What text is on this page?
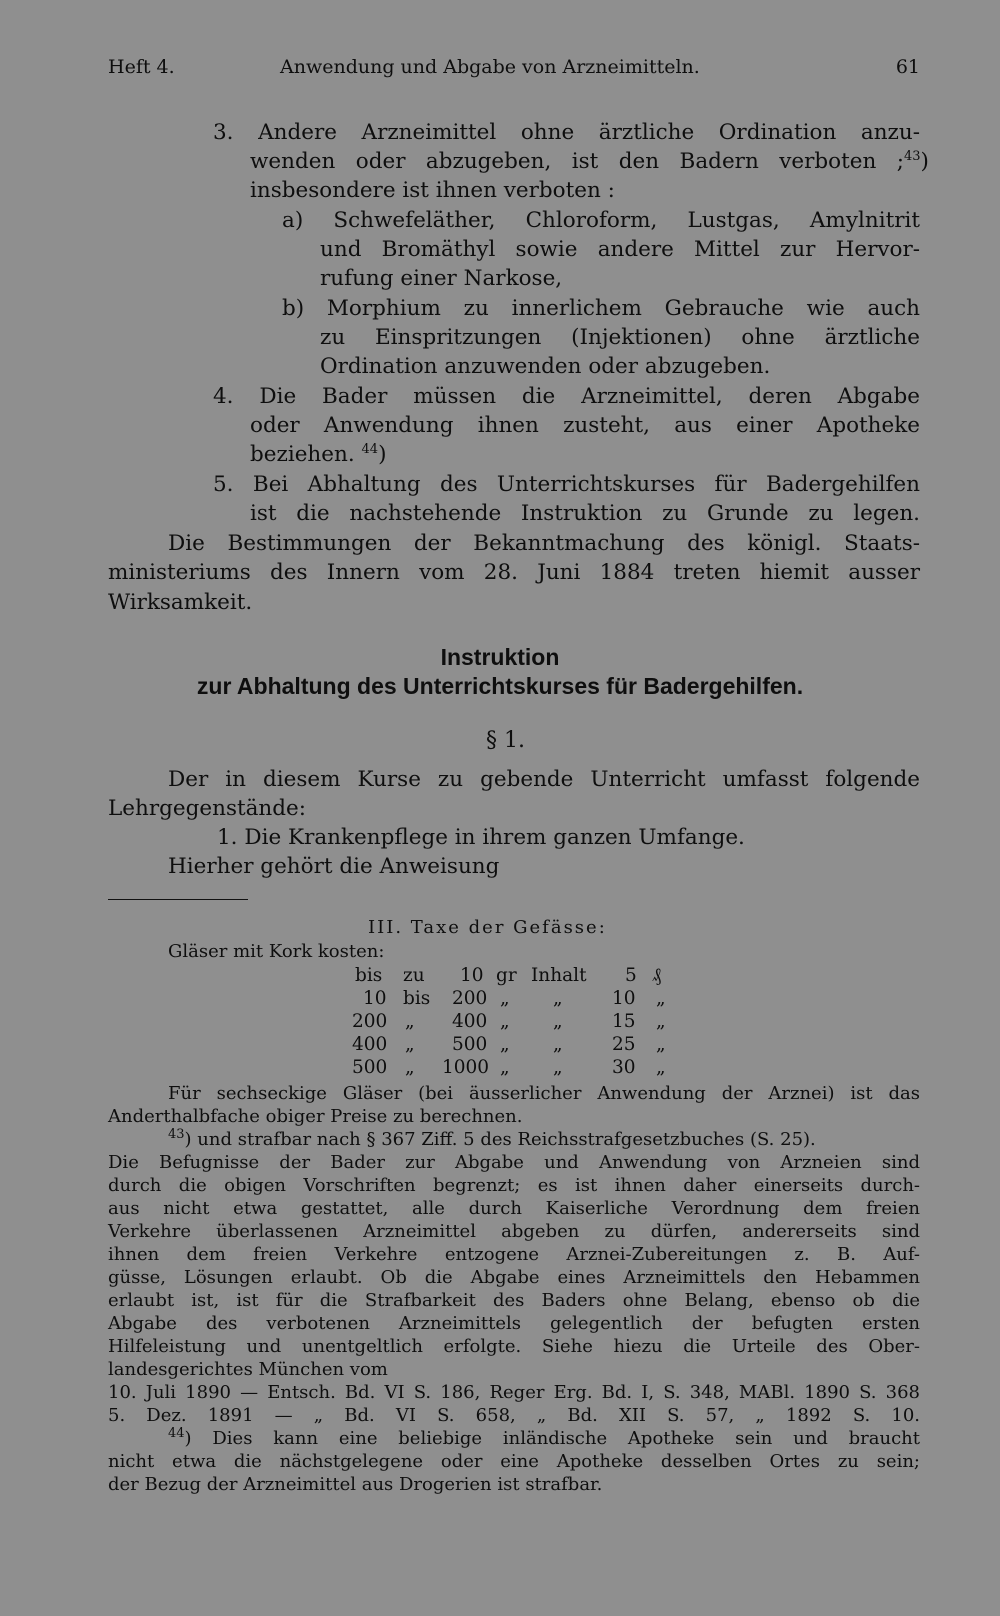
Heft 4.	Anwendung und Abgabe von Arzneimitteln.	61
3. Andere Arzneimittel ohne ärztliche Ordination anzu-
wenden oder abzugeben, ist den Badern verboten ; $^{43}$)
insbesondere ist ihnen verboten :
a) Schwefeläther, Chloroform, Lustgas, Amylnitrit
und Bromäthyl sowie andere Mittel zur Hervor-
rufung einer Narkose,
b) Morphium zu innerlichem Gebrauche wie auch
zu Einspritzungen (Injektionen) ohne ärztliche
Ordination anzuwenden oder abzugeben.
4. Die Bader müssen die Arzneimittel, deren Abgabe
oder Anwendung ihnen zusteht, aus einer Apotheke
beziehen. $^{44}$)
5. Bei Abhaltung des Unterrichtskurses für Badergehilfen
ist die nachstehende Instruktion zu Grunde zu legen.
Die Bestimmungen der Bekanntmachung des königl. Staats-
ministeriums des Innern vom 28. Juni 1884 treten hiemit ausser
Wirksamkeit.
Instruktion
zur Abhaltung des Unterrichtskurses für Badergehilfen.
§ 1.
Der in diesem Kurse zu gebende Unterricht umfasst folgende
Lehrgegenstände:
1. Die Krankenpflege in ihrem ganzen Umfange.
Hierher gehört die Anweisung
III. Taxe der Gefässe:
Gläser mit Kork kosten:
bis zu 10 gr Inhalt 5 ₰
10 bis 200 „ „	10 „
200 „ 400 „ „	15 „
400 „ 500 „ „	25 „
500 „ 1000 „ „	30 „
Für sechseckige Gläser (bei äusserlicher Anwendung der Arznei) ist das
Anderthalbfache obiger Preise zu berechnen.
$^{43}$) und strafbar nach § 367 Ziff. 5 des Reichsstrafgesetzbuches (S. 25).
Die Befugnisse der Bader zur Abgabe und Anwendung von Arzneien sind
durch die obigen Vorschriften begrenzt; es ist ihnen daher einerseits durch-
aus nicht etwa gestattet, alle durch Kaiserliche Verordnung dem freien
Verkehre überlassenen Arzneimittel abgeben zu dürfen, andererseits sind
ihnen dem freien Verkehre entzogene Arznei-Zubereitungen z. B. Auf-
güsse, Lösungen erlaubt. Ob die Abgabe eines Arzneimittels den Hebammen
erlaubt ist, ist für die Strafbarkeit des Baders ohne Belang, ebenso ob die
Abgabe des verbotenen Arzneimittels gelegentlich der befugten ersten
Hilfeleistung und unentgeltlich erfolgte. Siehe hiezu die Urteile des Ober-
landesgerichtes München vom
10. Juli 1890 — Entsch. Bd. VI S. 186, Reger Erg. Bd. I, S. 348, MABl. 1890 S. 368
5. Dez. 1891 — „ Bd. VI S. 658, „ Bd. XII S. 57, „ 1892 S. 10.
$^{44}$) Dies kann eine beliebige inländische Apotheke sein und braucht
nicht etwa die nächstgelegene oder eine Apotheke desselben Ortes zu sein;
der Bezug der Arzneimittel aus Drogerien ist strafbar.
